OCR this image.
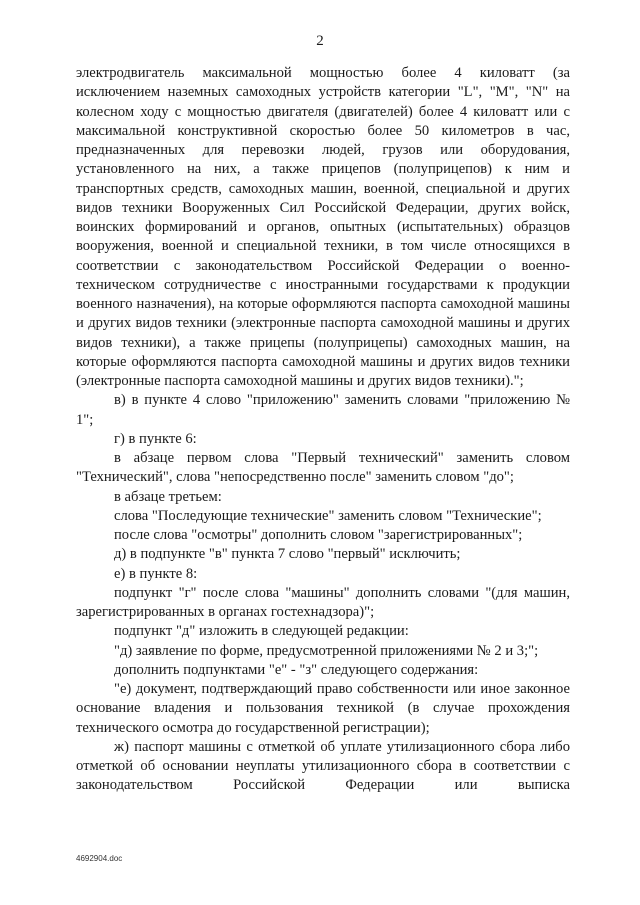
2

электродвигатель максимальной мощностью более 4 киловатт (за исключением наземных самоходных устройств категории "L", "M", "N" на колесном ходу с мощностью двигателя (двигателей) более 4 киловатт или с максимальной конструктивной скоростью более 50 километров в час, предназначенных для перевозки людей, грузов или оборудования, установленного на них, а также прицепов (полуприцепов) к ним и транспортных средств, самоходных машин, военной, специальной и других видов техники Вооруженных Сил Российской Федерации, других войск, воинских формирований и органов, опытных (испытательных) образцов вооружения, военной и специальной техники, в том числе относящихся в соответствии с законодательством Российской Федерации о военно-техническом сотрудничестве с иностранными государствами к продукции военного назначения), на которые оформляются паспорта самоходной машины и других видов техники (электронные паспорта самоходной машины и других видов техники), а также прицепы (полуприцепы) самоходных машин, на которые оформляются паспорта самоходной машины и других видов техники (электронные паспорта самоходной машины и других видов техники).";

в) в пункте 4 слово "приложению" заменить словами "приложению № 1";

г) в пункте 6:

в абзаце первом слова "Первый технический" заменить словом "Технический", слова "непосредственно после" заменить словом "до";

в абзаце третьем:

слова "Последующие технические" заменить словом "Технические";

после слова "осмотры" дополнить словом "зарегистрированных";

д) в подпункте "в" пункта 7 слово "первый" исключить;

е) в пункте 8:

подпункт "г" после слова "машины" дополнить словами "(для машин, зарегистрированных в органах гостехнадзора)";

подпункт "д" изложить в следующей редакции:

"д) заявление по форме, предусмотренной приложениями № 2 и 3;";

дополнить подпунктами "е" - "з" следующего содержания:

"е) документ, подтверждающий право собственности или иное законное основание владения и пользования техникой (в случае прохождения технического осмотра до государственной регистрации);

ж) паспорт машины с отметкой об уплате утилизационного сбора либо отметкой об основании неуплаты утилизационного сбора в соответствии с законодательством Российской Федерации или выписка

4692904.doc
